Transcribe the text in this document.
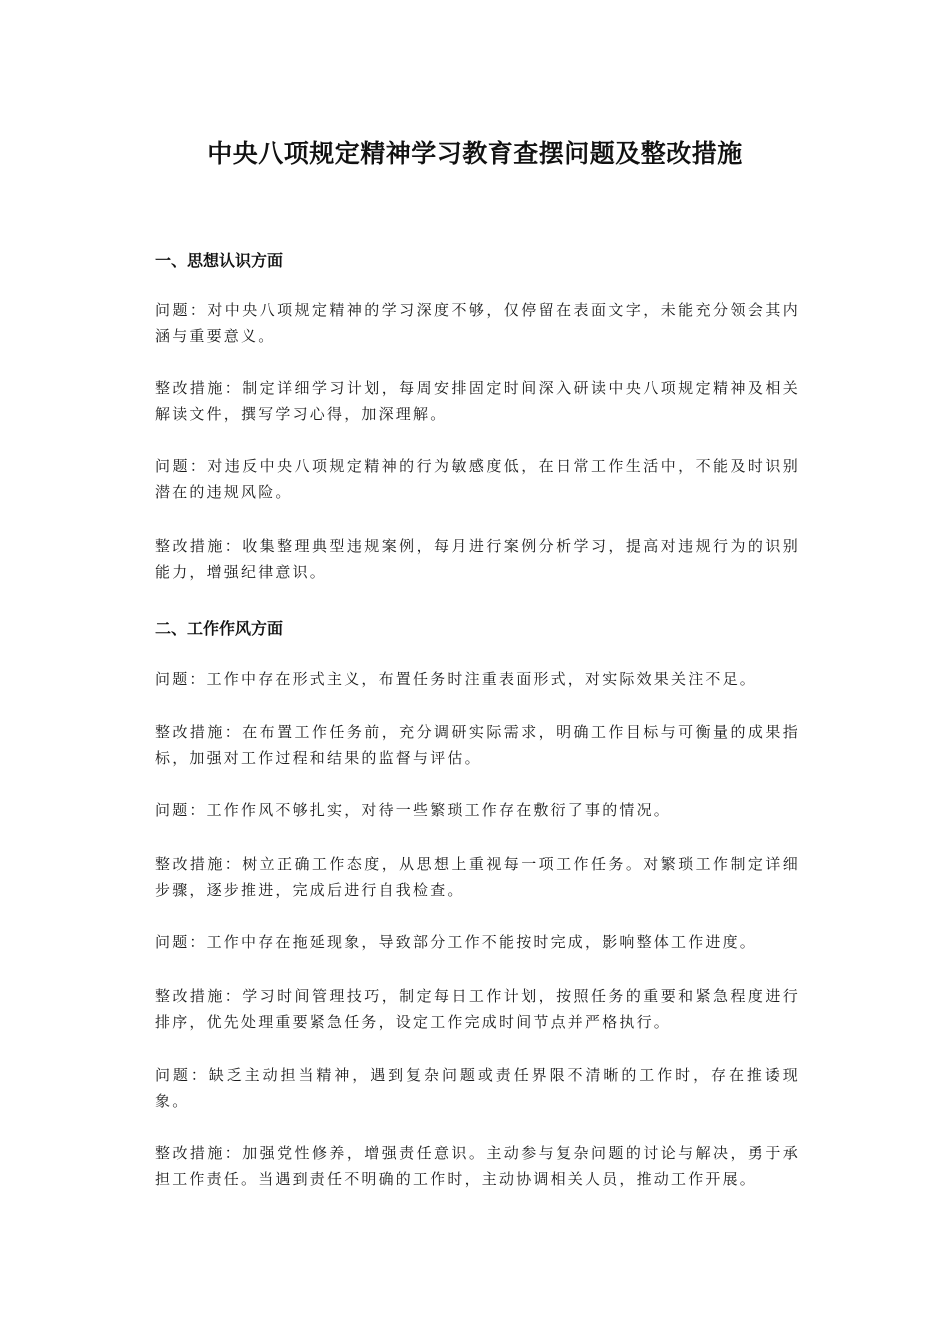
中央八项规定精神学习教育查摆问题及整改措施
一、思想认识方面

问题：对中央八项规定精神的学习深度不够，仅停留在表面文字，未能充分领会其内涵与重要意义。

整改措施：制定详细学习计划，每周安排固定时间深入研读中央八项规定精神及相关解读文件，撰写学习心得，加深理解。

问题：对违反中央八项规定精神的行为敏感度低，在日常工作生活中，不能及时识别潜在的违规风险。

整改措施：收集整理典型违规案例，每月进行案例分析学习，提高对违规行为的识别能力，增强纪律意识。

二、工作作风方面

问题：工作中存在形式主义，布置任务时注重表面形式，对实际效果关注不足。

整改措施：在布置工作任务前，充分调研实际需求，明确工作目标与可衡量的成果指标，加强对工作过程和结果的监督与评估。

问题：工作作风不够扎实，对待一些繁琐工作存在敷衍了事的情况。

整改措施：树立正确工作态度，从思想上重视每一项工作任务。对繁琐工作制定详细步骤，逐步推进，完成后进行自我检查。

问题：工作中存在拖延现象，导致部分工作不能按时完成，影响整体工作进度。

整改措施：学习时间管理技巧，制定每日工作计划，按照任务的重要和紧急程度进行排序，优先处理重要紧急任务，设定工作完成时间节点并严格执行。

问题：缺乏主动担当精神，遇到复杂问题或责任界限不清晰的工作时，存在推诿现象。

整改措施：加强党性修养，增强责任意识。主动参与复杂问题的讨论与解决，勇于承担工作责任。当遇到责任不明确的工作时，主动协调相关人员，推动工作开展。
